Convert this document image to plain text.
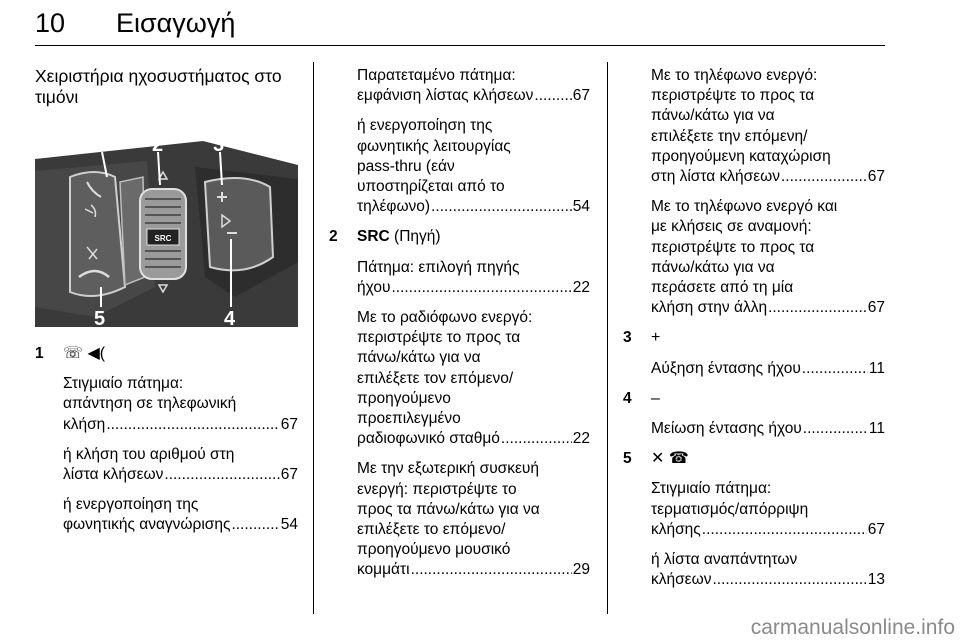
10 Εισαγωγή

Χειριστήρια ηχοσυστήματος στο

τιμόνι

SRC
1 2 3
4
5
1	☏ ◀(

Στιγμιαίο πάτημα:

απάντηση σε τηλεφωνική

κλήση .....	67

ή κλήση του αριθμού στη

λίστα κλήσεων .....	67

ή ενεργοποίηση της

φωνητικής αναγνώρισης .....	54

Παρατεταμένο πάτημα:

εμφάνιση λίστας κλήσεων .....	67

ή ενεργοποίηση της

φωνητικής λειτουργίας

pass-thru (εάν

υποστηρίζεται από το

τηλέφωνο) .....	54
2	SRC (Πηγή)

Πάτημα: επιλογή πηγής

ήχου .....	22

Με το ραδιόφωνο ενεργό:

περιστρέψτε το προς τα

πάνω/κάτω για να

επιλέξετε τον επόμενο/

προηγούμενο

προεπιλεγμένο

ραδιοφωνικό σταθμό .....	22

Με την εξωτερική συσκευή

ενεργή: περιστρέψτε το

προς τα πάνω/κάτω για να

επιλέξετε το επόμενο/

προηγούμενο μουσικό

κομμάτι .....	29

Με το τηλέφωνο ενεργό:

περιστρέψτε το προς τα

πάνω/κάτω για να

επιλέξετε την επόμενη/

προηγούμενη καταχώριση

στη λίστα κλήσεων .....	67

Με το τηλέφωνο ενεργό και

με κλήσεις σε αναμονή:

περιστρέψτε το προς τα

πάνω/κάτω για να

περάσετε από τη μία

κλήση στην άλλη .....	67
3	+
Αύξηση έντασης ήχου .....	11
4	–
Μείωση έντασης ήχου .....	11
5	✕ ☎

Στιγμιαίο πάτημα:

τερματισμός/απόρριψη

κλήσης .....	67

ή λίστα αναπάντητων

κλήσεων .....	13
carmanualsonline.info
